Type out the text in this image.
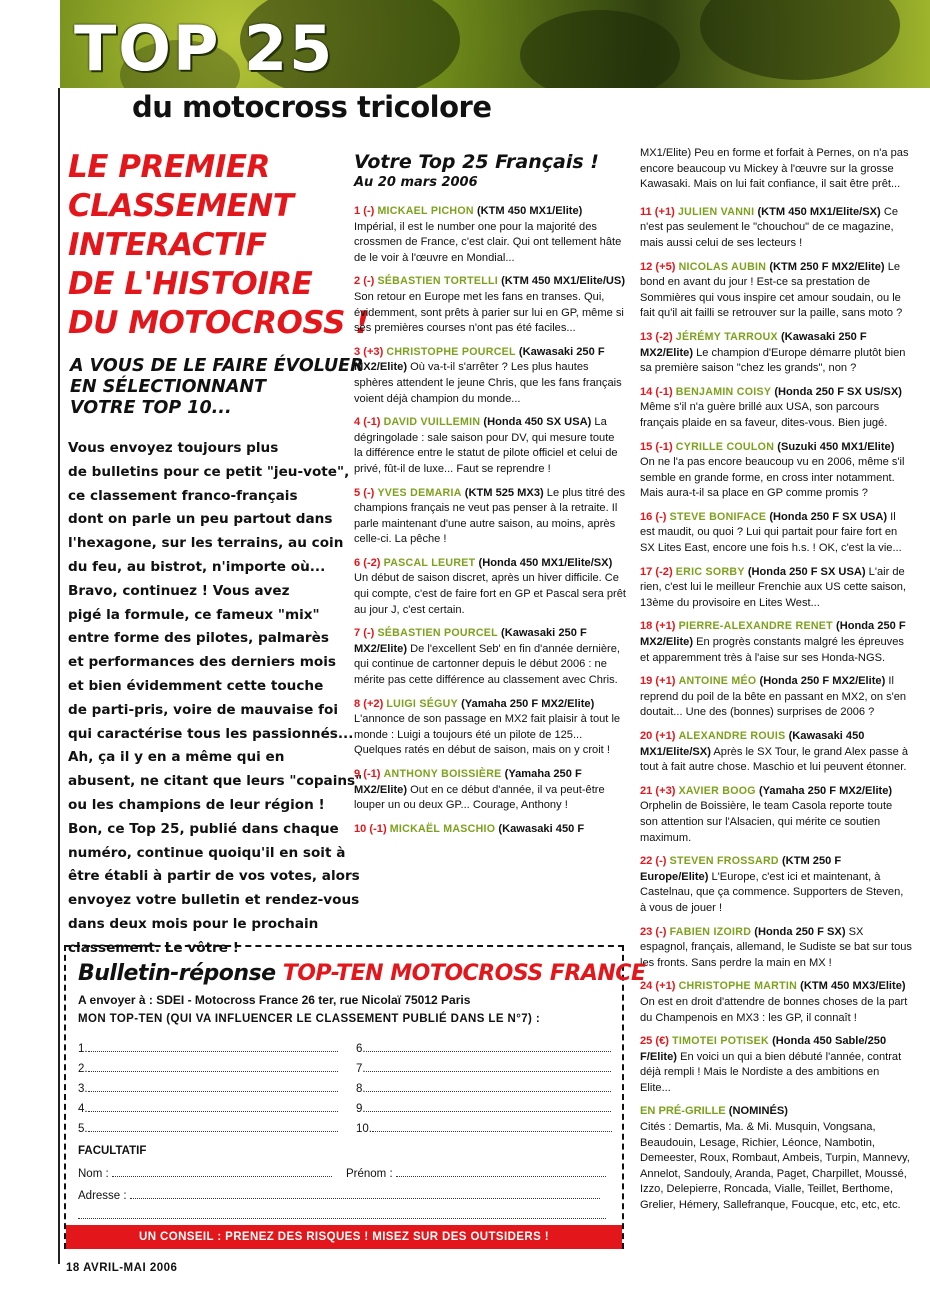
TOP 25
du motocross tricolore
LE PREMIER
CLASSEMENT
INTERACTIF
DE L'HISTOIRE
DU MOTOCROSS !
A VOUS DE LE FAIRE ÉVOLUER
EN SÉLECTIONNANT
VOTRE TOP 10...
Vous envoyez toujours plus
de bulletins pour ce petit "jeu-vote",
ce classement franco-français
dont on parle un peu partout dans
l'hexagone, sur les terrains, au coin
du feu, au bistrot, n'importe où...
Bravo, continuez ! Vous avez
pigé la formule, ce fameux "mix"
entre forme des pilotes, palmarès
et performances des derniers mois
et bien évidemment cette touche
de parti-pris, voire de mauvaise foi
qui caractérise tous les passionnés...
Ah, ça il y en a même qui en
abusent, ne citant que leurs "copains"
ou les champions de leur région !
Bon, ce Top 25, publié dans chaque
numéro, continue quoiqu'il en soit à
être établi à partir de vos votes, alors
envoyez votre bulletin et rendez-vous
dans deux mois pour le prochain
classement. Le vôtre !
Votre Top 25 Français !
Au 20 mars 2006
1 (-) MICKAEL PICHON (KTM 450 MX1/Elite) Impérial, il est le number one pour la majorité des crossmen de France, c'est clair. Qui ont tellement hâte de le voir à l'œuvre en Mondial...
2 (-) SÉBASTIEN TORTELLI (KTM 450 MX1/Elite/US) Son retour en Europe met les fans en transes. Qui, évidemment, sont prêts à parier sur lui en GP, même si ses premières courses n'ont pas été faciles...
3 (+3) CHRISTOPHE POURCEL (Kawasaki 250 F MX2/Elite) Où va-t-il s'arrêter ? Les plus hautes sphères attendent le jeune Chris, que les fans français voient déjà champion du monde...
4 (-1) DAVID VUILLEMIN (Honda 450 SX USA) La dégringolade : sale saison pour DV, qui mesure toute la différence entre le statut de pilote officiel et celui de privé, fût-il de luxe... Faut se reprendre !
5 (-) YVES DEMARIA (KTM 525 MX3) Le plus titré des champions français ne veut pas penser à la retraite. Il parle maintenant d'une autre saison, au moins, après celle-ci. La pêche !
6 (-2) PASCAL LEURET (Honda 450 MX1/Elite/SX) Un début de saison discret, après un hiver difficile. Ce qui compte, c'est de faire fort en GP et Pascal sera prêt au jour J, c'est certain.
7 (-) SÉBASTIEN POURCEL (Kawasaki 250 F MX2/Elite) De l'excellent Seb' en fin d'année dernière, qui continue de cartonner depuis le début 2006 : ne mérite pas cette différence au classement avec Chris.
8 (+2) LUIGI SÉGUY (Yamaha 250 F MX2/Elite) L'annonce de son passage en MX2 fait plaisir à tout le monde : Luigi a toujours été un pilote de 125... Quelques ratés en début de saison, mais on y croit !
9 (-1) ANTHONY BOISSIÈRE (Yamaha 250 F MX2/Elite) Out en ce début d'année, il va peut-être louper un ou deux GP... Courage, Anthony !
10 (-1) MICKAËL MASCHIO (Kawasaki 450 F
MX1/Elite) Peu en forme et forfait à Pernes, on n'a pas encore beaucoup vu Mickey à l'œuvre sur la grosse Kawasaki. Mais on lui fait confiance, il sait être prêt...
11 (+1) JULIEN VANNI (KTM 450 MX1/Elite/SX) Ce n'est pas seulement le "chouchou" de ce magazine, mais aussi celui de ses lecteurs !
12 (+5) NICOLAS AUBIN (KTM 250 F MX2/Elite) Le bond en avant du jour ! Est-ce sa prestation de Sommières qui vous inspire cet amour soudain, ou le fait qu'il ait failli se retrouver sur la paille, sans moto ?
13 (-2) JÉRÉMY TARROUX (Kawasaki 250 F MX2/Elite) Le champion d'Europe démarre plutôt bien sa première saison "chez les grands", non ?
14 (-1) BENJAMIN COISY (Honda 250 F SX US/SX) Même s'il n'a guère brillé aux USA, son parcours français plaide en sa faveur, dites-vous. Bien jugé.
15 (-1) CYRILLE COULON (Suzuki 450 MX1/Elite) On ne l'a pas encore beaucoup vu en 2006, même s'il semble en grande forme, en cross inter notamment. Mais aura-t-il sa place en GP comme promis ?
16 (-) STEVE BONIFACE (Honda 250 F SX USA) Il est maudit, ou quoi ? Lui qui partait pour faire fort en SX Lites East, encore une fois h.s. ! OK, c'est la vie...
17 (-2) ERIC SORBY (Honda 250 F SX USA) L'air de rien, c'est lui le meilleur Frenchie aux US cette saison, 13ème du provisoire en Lites West...
18 (+1) PIERRE-ALEXANDRE RENET (Honda 250 F MX2/Elite) En progrès constants malgré les épreuves et apparemment très à l'aise sur ses Honda-NGS.
19 (+1) ANTOINE MÉO (Honda 250 F MX2/Elite) Il reprend du poil de la bête en passant en MX2, on s'en doutait... Une des (bonnes) surprises de 2006 ?
20 (+1) ALEXANDRE ROUIS (Kawasaki 450 MX1/Elite/SX) Après le SX Tour, le grand Alex passe à tout à fait autre chose. Maschio et lui peuvent étonner.
21 (+3) XAVIER BOOG (Yamaha 250 F MX2/Elite) Orphelin de Boissière, le team Casola reporte toute son attention sur l'Alsacien, qui mérite ce soutien maximum.
22 (-) STEVEN FROSSARD (KTM 250 F Europe/Elite) L'Europe, c'est ici et maintenant, à Castelnau, que ça commence. Supporters de Steven, à vous de jouer !
23 (-) FABIEN IZOIRD (Honda 250 F SX) SX espagnol, français, allemand, le Sudiste se bat sur tous les fronts. Sans perdre la main en MX !
24 (+1) CHRISTOPHE MARTIN (KTM 450 MX3/Elite) On est en droit d'attendre de bonnes choses de la part du Champenois en MX3 : les GP, il connaît !
25 (€) TIMOTEI POTISEK (Honda 450 Sable/250 F/Elite) En voici un qui a bien débuté l'année, contrat déjà rempli ! Mais le Nordiste a des ambitions en Elite...
EN PRÉ-GRILLE (NOMINÉS)
Cités : Demartis, Ma. & Mi. Musquin, Vongsana, Beaudouin, Lesage, Richier, Léonce, Nambotin, Demeester, Roux, Rombaut, Ambeis, Turpin, Mannevy, Annelot, Sandouly, Aranda, Paget, Charpillet, Moussé, Izzo, Delepierre, Roncada, Vialle, Teillet, Berthome, Grelier, Hémery, Sallefranque, Foucque, etc, etc, etc.
Bulletin-réponse TOP-TEN MOTOCROSS FRANCE
A envoyer à : SDEI - Motocross France 26 ter, rue Nicolaï 75012 Paris
MON TOP-TEN (QUI VA INFLUENCER LE CLASSEMENT PUBLIÉ DANS LE N°7) :
1.
2.
3.
4.
5.
6.
7.
8.
9.
10.
FACULTATIF
Nom :	Prénom :
Adresse :
UN CONSEIL : PRENEZ DES RISQUES ! MISEZ SUR DES OUTSIDERS !
18 AVRIL-MAI 2006
